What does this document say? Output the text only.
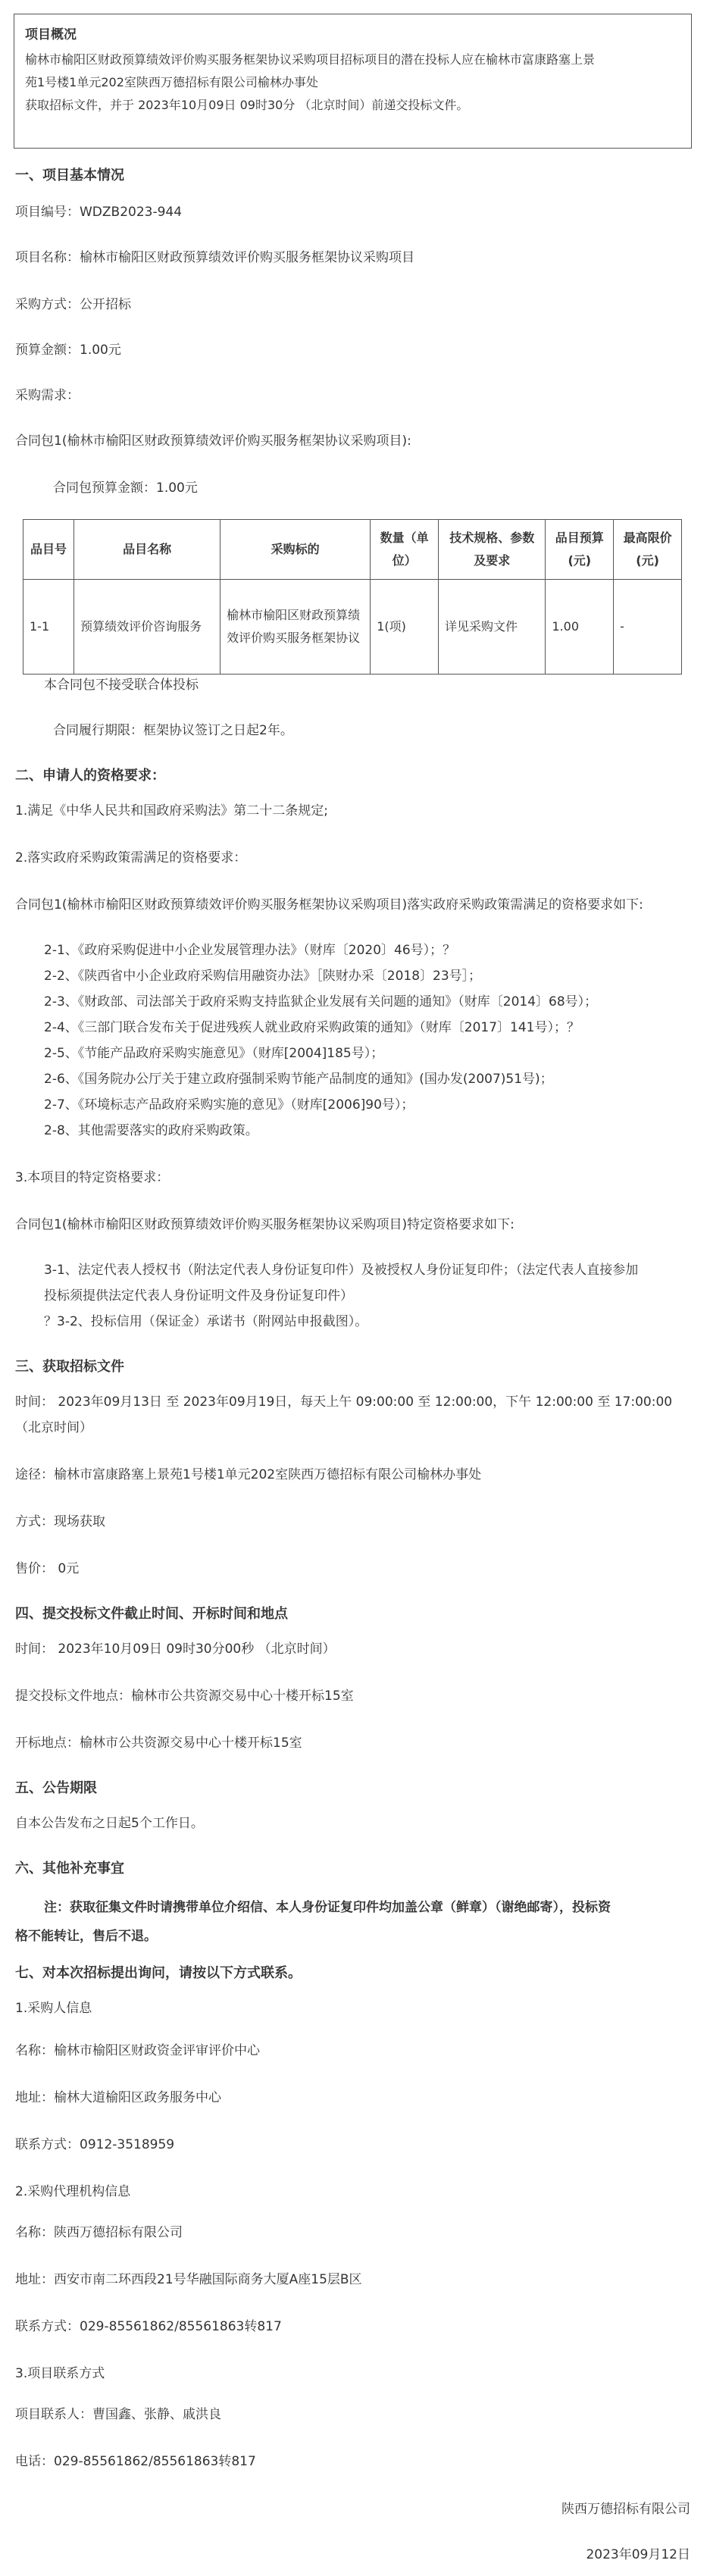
项目概况

榆林市榆阳区财政预算绩效评价购买服务框架协议采购项目招标项目的潜在投标人应在榆林市富康路塞上景

苑1号楼1单元202室陕西万德招标有限公司榆林办事处

获取招标文件，并于 2023年10月09日 09时30分 （北京时间）前递交投标文件。

一、项目基本情况
项目编号：WDZB2023-944
项目名称：榆林市榆阳区财政预算绩效评价购买服务框架协议采购项目
采购方式：公开招标
预算金额：1.00元
采购需求：
合同包1(榆林市榆阳区财政预算绩效评价购买服务框架协议采购项目):
合同包预算金额：1.00元
品目号	品目名称	采购标的	数量（单位）	技术规格、参数及要求	品目预算(元)	最高限价(元)
1-1	预算绩效评价咨询服务	榆林市榆阳区财政预算绩效评价购买服务框架协议	1(项)	详见采购文件	1.00	-
本合同包不接受联合体投标
合同履行期限：框架协议签订之日起2年。
二、申请人的资格要求：
1.满足《中华人民共和国政府采购法》第二十二条规定;
2.落实政府采购政策需满足的资格要求：
合同包1(榆林市榆阳区财政预算绩效评价购买服务框架协议采购项目)落实政府采购政策需满足的资格要求如下:
2-1、《政府采购促进中小企业发展管理办法》（财库〔2020〕46号）；？
2-2、《陕西省中小企业政府采购信用融资办法》［陕财办采〔2018〕23号］；
2-3、《财政部、司法部关于政府采购支持监狱企业发展有关问题的通知》（财库〔2014〕68号）；
2-4、《三部门联合发布关于促进残疾人就业政府采购政策的通知》（财库〔2017〕141号）；？
2-5、《节能产品政府采购实施意见》（财库[2004]185号）；
2-6、《国务院办公厅关于建立政府强制采购节能产品制度的通知》(国办发(2007)51号)；
2-7、《环境标志产品政府采购实施的意见》（财库[2006]90号）；
2-8、其他需要落实的政府采购政策。
3.本项目的特定资格要求：
合同包1(榆林市榆阳区财政预算绩效评价购买服务框架协议采购项目)特定资格要求如下:
3-1、法定代表人授权书（附法定代表人身份证复印件）及被授权人身份证复印件；（法定代表人直接参加
投标须提供法定代表人身份证明文件及身份证复印件）
？3-2、投标信用（保证金）承诺书（附网站申报截图）。
三、获取招标文件
时间： 2023年09月13日 至 2023年09月19日，每天上午 09:00:00 至 12:00:00，下午 12:00:00 至 17:00:00
（北京时间）
途径：榆林市富康路塞上景苑1号楼1单元202室陕西万德招标有限公司榆林办事处
方式：现场获取
售价： 0元
四、提交投标文件截止时间、开标时间和地点
时间： 2023年10月09日 09时30分00秒 （北京时间）
提交投标文件地点：榆林市公共资源交易中心十楼开标15室
开标地点：榆林市公共资源交易中心十楼开标15室
五、公告期限
自本公告发布之日起5个工作日。
六、其他补充事宜
注：获取征集文件时请携带单位介绍信、本人身份证复印件均加盖公章（鲜章）（谢绝邮寄），投标资
格不能转让，售后不退。
七、对本次招标提出询问，请按以下方式联系。
1.采购人信息
名称：榆林市榆阳区财政资金评审评价中心
地址：榆林大道榆阳区政务服务中心
联系方式：0912-3518959
2.采购代理机构信息
名称：陕西万德招标有限公司
地址：西安市南二环西段21号华融国际商务大厦A座15层B区
联系方式：029-85561862/85561863转817
3.项目联系方式
项目联系人：曹国鑫、张静、戚洪良
电话：029-85561862/85561863转817
陕西万德招标有限公司
2023年09月12日
